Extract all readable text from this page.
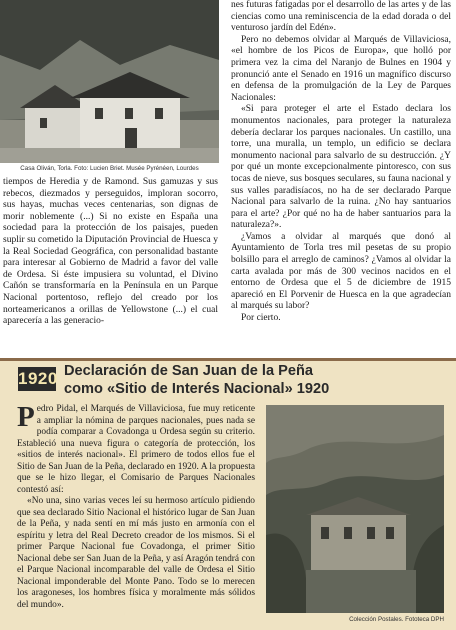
Casa Oliván, Torla. Foto: Lucien Briet. Musée Pyrénéen, Lourdes

tiempos de Heredia y de Ramond. Sus gamuzas y sus rebecos, diezmados y perseguidos, imploran socorro, sus hayas, muchas veces centenarias, son dignas de morir noblemente (...) Si no existe en España una sociedad para la protección de los paisajes, pueden suplir su cometido la Diputación Provincial de Huesca y la Real Sociedad Geográfica, con personalidad bastante para interesar al Gobierno de Madrid a favor del valle de Ordesa. Si éste impusiera su voluntad, el Divino Cañón se transformaría en la Península en un Parque Nacional portentoso, reflejo del creado por los norteamericanos a orillas de Yellowstone (...) el cual aparecería a las generacio-

nes futuras fatigadas por el desarrollo de las artes y de las ciencias como una reminiscencia de la edad dorada o del venturoso jardín del Edén».

Pero no debemos olvidar al Marqués de Villaviciosa, «el hombre de los Picos de Europa», que holló por primera vez la cima del Naranjo de Bulnes en 1904 y pronunció ante el Senado en 1916 un magnífico discurso en defensa de la promulgación de la Ley de Parques Nacionales:

«Si para proteger el arte el Estado declara los monumentos nacionales, para proteger la naturaleza debería declarar los parques nacionales. Un castillo, una torre, una muralla, un templo, un edificio se declara monumento nacional para salvarlo de su destrucción. ¿Y por qué un monte excepcionalmente pintoresco, con sus tocas de nieve, sus bosques seculares, su fauna nacional y sus valles paradisíacos, no ha de ser declarado Parque Nacional para salvarlo de la ruina. ¿No hay santuarios para el arte? ¿Por qué no ha de haber santuarios para la naturaleza?».

¿Vamos a olvidar al marqués que donó al Ayuntamiento de Torla tres mil pesetas de su propio bolsillo para el arreglo de caminos? ¿Vamos al olvidar la carta avalada por más de 300 vecinos nacidos en el entorno de Ordesa que el 5 de diciembre de 1915 apareció en El Porvenir de Huesca en la que agradecían al marqués su labor?

Por cierto.

1920 Declaración de San Juan de la Peña
como «Sitio de Interés Nacional» 1920

Pedro Pidal, el Marqués de Villaviciosa, fue muy reticente a ampliar la nómina de parques nacionales, pues nada se podía comparar a Covadonga u Ordesa según su criterio. Estableció una nueva figura o categoría de protección, los «sitios de interés nacional». El primero de todos ellos fue el Sitio de San Juan de la Peña, declarado en 1920. A la propuesta que se le hizo llegar, el Comisario de Parques Nacionales contestó así:

«No una, sino varias veces leí su hermoso artículo pidiendo que sea declarado Sitio Nacional el histórico lugar de San Juan de la Peña, y nada sentí en mí más justo en armonía con el espíritu y letra del Real Decreto creador de los mismos. Si el primer Parque Nacional fue Covadonga, el primer Sitio Nacional debe ser San Juan de la Peña, y así Aragón tendrá con el Parque Nacional incomparable del valle de Ordesa el Sitio Nacional imponderable del Monte Pano. Todo se lo merecen los aragoneses, los hombres física y moralmente más sólidos del mundo».

Colección Postales. Fototeca DPH
